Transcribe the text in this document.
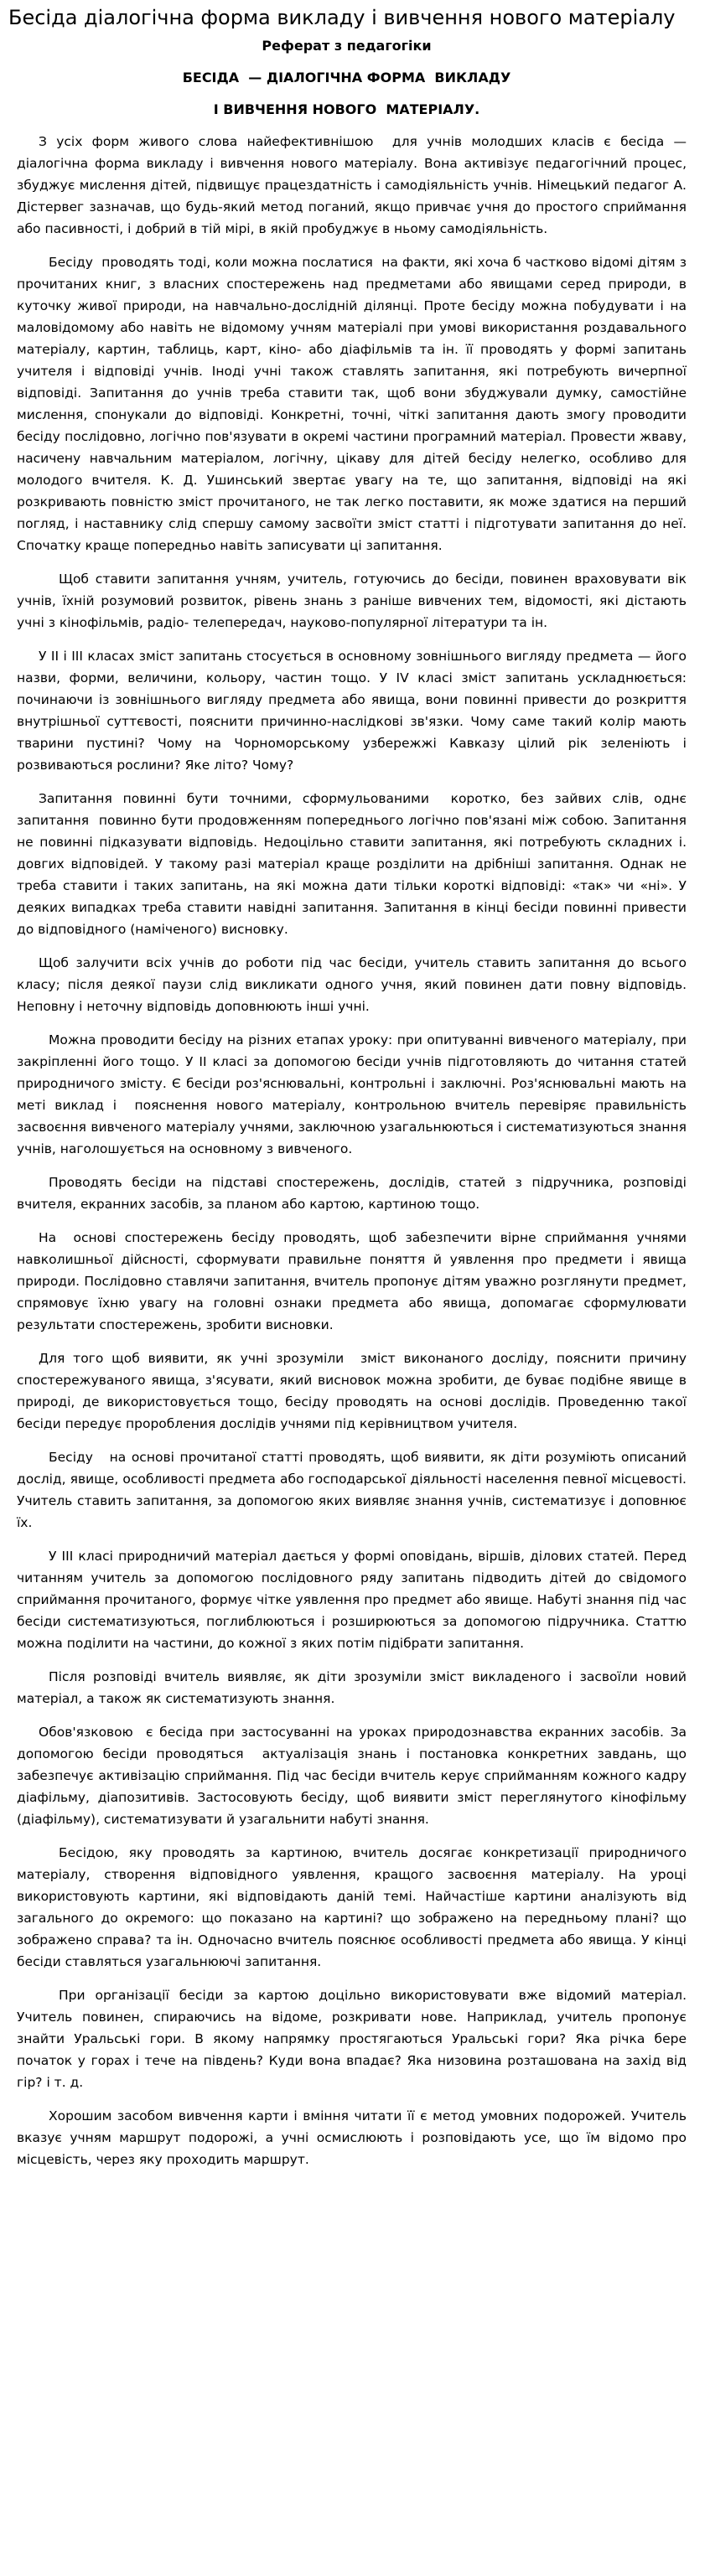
Бесіда діалогічна форма викладу і вивчення нового матеріалу
Реферат з педагогіки
БЕСІДА  — ДІАЛОГІЧНА ФОРМА  ВИКЛАДУ
І ВИВЧЕННЯ НОВОГО  МАТЕРІАЛУ.

З усіх форм живого слова найефективнішою  для учнів молодших класів є бесіда — діалогічна форма викладу і вивчення нового матеріалу. Вона активізує педагогічний процес, збуджує мислення дітей, підвищує працездатність і самодіяльність учнів. Німецький педагог А. Дістервег зазначав, що будь-який метод поганий, якщо привчає учня до простого сприймання або пасивності, і добрий в тій мірі, в якій пробуджує в ньому самодіяльність.

Бесіду  проводять тоді, коли можна послатися  на факти, які хоча б частково відомі дітям з прочитаних книг, з власних спостережень над предметами або явищами серед природи, в куточку живої природи, на навчально-дослідній ділянці. Проте бесіду можна побудувати і на маловідомому або навіть не відомому учням матеріалі при умові використання роздавального матеріалу, картин, таблиць, карт, кіно- або діафільмів та ін. її проводять у формі запитань учителя і відповіді учнів. Іноді учні також ставлять запитання, які потребують вичерпної відповіді. Запитання до учнів треба ставити так, щоб вони збуджували думку, самостійне мислення, спонукали до відповіді. Конкретні, точні, чіткі запитання дають змогу проводити бесіду послідовно, логічно пов'язувати в окремі частини програмний матеріал. Провести жваву, насичену навчальним матеріалом, логічну, цікаву для дітей бесіду нелегко, особливо для молодого вчителя. К. Д. Ушинський звертає увагу на те, що запитання, відповіді на які розкривають повністю зміст прочитаного, не так легко поставити, як може здатися на перший погляд, і наставнику слід спершу самому засвоїти зміст статті і підготувати запитання до неї. Спочатку краще попередньо навіть записувати ці запитання.

Щоб ставити запитання учням, учитель, готуючись до бесіди, повинен враховувати вік учнів, їхній розумовий розвиток, рівень знань з раніше вивчених тем, відомості, які дістають учні з кінофільмів, радіо- телепередач, науково-популярної літератури та ін.

У ІІ і ІІІ класах зміст запитань стосується в основному зовнішнього вигляду предмета — його назви, форми, величини, кольору, частин тощо. У IV класі зміст запитань ускладнюється: починаючи із зовнішнього вигляду предмета або явища, вони повинні привести до розкриття внутрішньої суттєвості, пояснити причинно-наслідкові зв'язки. Чому саме такий колір мають тварини пустині? Чому на Чорноморському узбережжі Кавказу цілий рік зеленіють і розвиваються рослини? Яке літо? Чому?

Запитання повинні бути точними, сформульованими  коротко, без зайвих слів, однє запитання  повинно бути продовженням попереднього логічно пов'язані між собою. Запитання не повинні підказувати відповідь. Недоцільно ставити запитання, які потребують складних і. довгих відповідей. У такому разі матеріал краще розділити на дрібніші запитання. Однак не треба ставити і таких запитань, на які можна дати тільки короткі відповіді: «так» чи «ні». У деяких випадках треба ставити навідні запитання. Запитання в кінці бесіди повинні привести до відповідного (наміченого) висновку.

Щоб залучити всіх учнів до роботи під час бесіди, учитель ставить запитання до всього класу; після деякої паузи слід викликати одного учня, який повинен дати повну відповідь. Неповну і неточну відповідь доповнюють інші учні.

Можна проводити бесіду на різних етапах уроку: при опитуванні вивченого матеріалу, при закріпленні його тощо. У ІІ класі за допомогою бесіди учнів підготовляють до читання статей природничого змісту. Є бесіди роз'яснювальні, контрольні і заключні. Роз'яснювальні мають на меті виклад і  пояснення нового матеріалу, контрольною вчитель перевіряє правильність засвоєння вивченого матеріалу учнями, заключною узагальнюються і систематизуються знання учнів, наголошується на основному з вивченого.

Проводять бесіди на підставі спостережень, дослідів, статей з підручника, розповіді вчителя, екранних засобів, за планом або картою, картиною тощо.

На  основі спостережень бесіду проводять, щоб забезпечити вірне сприймання учнями навколишньої дійсності, сформувати правильне поняття й уявлення про предмети і явища природи. Послідовно ставлячи запитання, вчитель пропонує дітям уважно розглянути предмет, спрямовує їхню увагу на головні ознаки предмета або явища, допомагає сформулювати результати спостережень, зробити висновки.

Для того щоб виявити, як учні зрозуміли  зміст виконаного досліду, пояснити причину спостережуваного явища, з'ясувати, який висновок можна зробити, де буває подібне явище в природі, де використовується тощо, бесіду проводять на основі дослідів. Проведенню такої бесіди передує проробления дослідів учнями під керівництвом учителя.

Бесіду   на основі прочитаної статті проводять, щоб виявити, як діти розуміють описаний дослід, явище, особливості предмета або господарської діяльності населення певної місцевості. Учитель ставить запитання, за допомогою яких виявляє знання учнів, систематизує і доповнює їх.

У ІІІ класі природничий матеріал дається у формі оповідань, віршів, ділових статей. Перед читанням учитель за допомогою послідовного ряду запитань підводить дітей до свідомого сприймання прочитаного, формує чітке уявлення про предмет або явище. Набуті знання під час бесіди систематизуються, поглиблюються і розширюються за допомогою підручника. Статтю можна поділити на частини, до кожної з яких потім підібрати запитання.

Після розповіді вчитель виявляє, як діти зрозуміли зміст викладеного і засвоїли новий матеріал, а також як систематизують знання.

Обов'язковою  є бесіда при застосуванні на уроках природознавства екранних засобів. За допомогою бесіди проводяться  актуалізація знань і постановка конкретних завдань, що забезпечує активізацію сприймання. Під час бесіди вчитель керує сприйманням кожного кадру діафільму, діапозитивів. Застосовують бесіду, щоб виявити зміст переглянутого кінофільму (діафільму), систематизувати й узагальнити набуті знання.

Бесідою, яку проводять за картиною, вчитель досягає конкретизації природничого матеріалу, створення відповідного уявлення, кращого засвоєння матеріалу. На уроці використовують картини, які відповідають даній темі. Найчастіше картини аналізують від загального до окремого: що показано на картині? що зображено на передньому плані? що зображено справа? та ін. Одночасно вчитель пояснює особливості предмета або явища. У кінці бесіди ставляться узагальнюючі запитання.

При організації бесіди за картою доцільно використовувати вже відомий матеріал. Учитель повинен, спираючись на відоме, розкривати нове. Наприклад, учитель пропонує знайти Уральські гори. В якому напрямку простягаються Уральські гори? Яка річка бере початок у горах і тече на південь? Куди вона впадає? Яка низовина розташована на захід від гір? і т. д.

Хорошим засобом вивчення карти і вміння читати її є метод умовних подорожей. Учитель вказує учням маршрут подорожі, а учні осмислюють і розповідають усе, що їм відомо про місцевість, через яку проходить маршрут.
